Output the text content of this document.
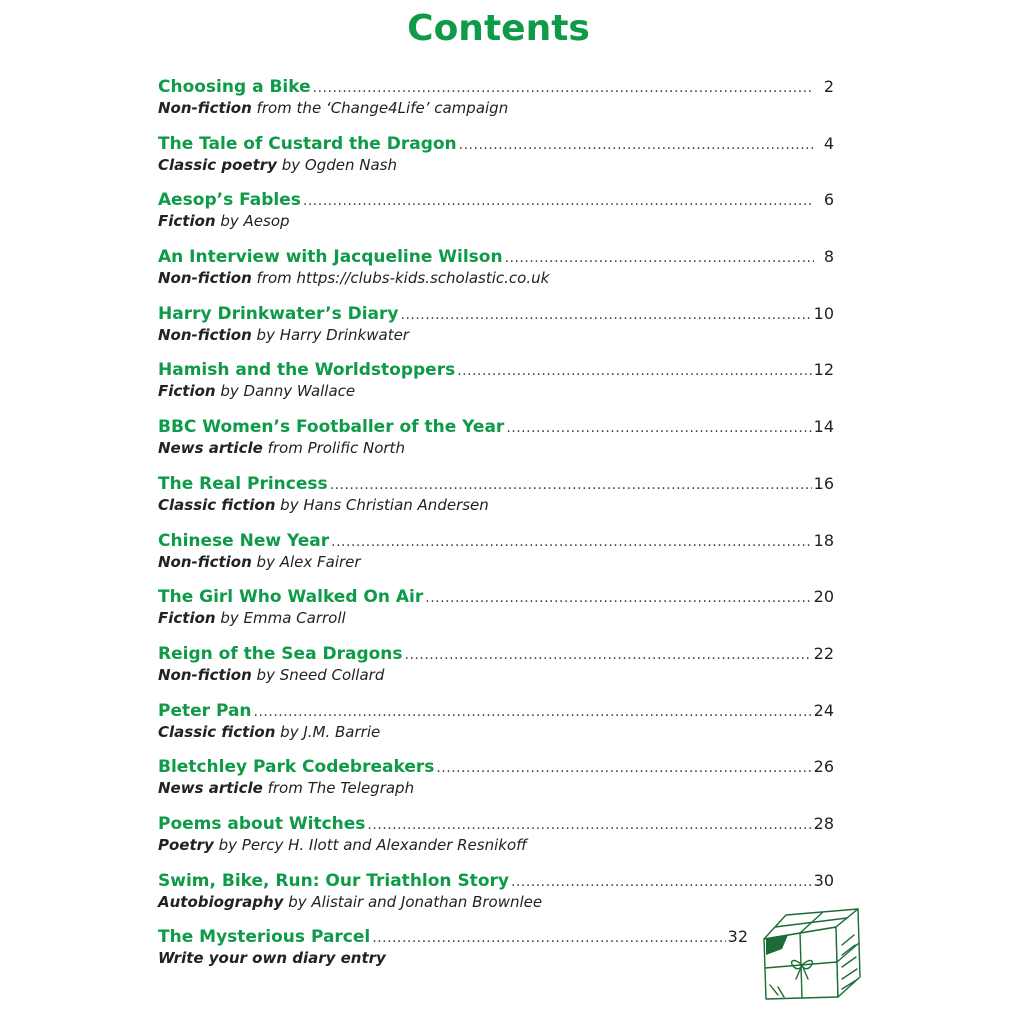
Contents
Choosing a Bike .....	2
Non-fiction from the ‘Change4Life’ campaign
The Tale of Custard the Dragon .....	4
Classic poetry by Ogden Nash
Aesop’s Fables .....	6
Fiction by Aesop
An Interview with Jacqueline Wilson .....	8
Non-fiction from https://clubs-kids.scholastic.co.uk
Harry Drinkwater’s Diary .....	10
Non-fiction by Harry Drinkwater
Hamish and the Worldstoppers .....	12
Fiction by Danny Wallace
BBC Women’s Footballer of the Year .....	14
News article from Prolific North
The Real Princess .....	16
Classic fiction by Hans Christian Andersen
Chinese New Year .....	18
Non-fiction by Alex Fairer
The Girl Who Walked On Air .....	20
Fiction by Emma Carroll
Reign of the Sea Dragons .....	22
Non-fiction by Sneed Collard
Peter Pan .....	24
Classic fiction by J.M. Barrie
Bletchley Park Codebreakers .....	26
News article from The Telegraph
Poems about Witches .....	28
Poetry by Percy H. Ilott and Alexander Resnikoff
Swim, Bike, Run: Our Triathlon Story .....	30
Autobiography by Alistair and Jonathan Brownlee
The Mysterious Parcel .....	32
Write your own diary entry
